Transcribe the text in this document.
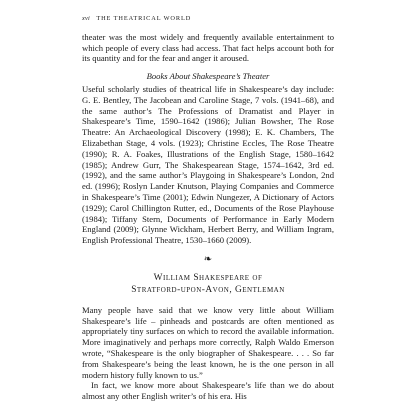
xvi THE THEATRICAL WORLD

theater was the most widely and frequently available entertainment to which people of every class had access. That fact helps account both for its quantity and for the fear and anger it aroused.

Books About Shakespeare’s Theater

Useful scholarly studies of theatrical life in Shakespeare’s day include: G. E. Bentley, The Jacobean and Caroline Stage, 7 vols. (1941–68), and the same author’s The Professions of Dramatist and Player in Shakespeare’s Time, 1590–1642 (1986); Julian Bowsher, The Rose Theatre: An Archaeological Discovery (1998); E. K. Chambers, The Elizabethan Stage, 4 vols. (1923); Christine Eccles, The Rose Theatre (1990); R. A. Foakes, Illustrations of the English Stage, 1580–1642 (1985); Andrew Gurr, The Shakespearean Stage, 1574–1642, 3rd ed. (1992), and the same author’s Playgoing in Shakespeare’s London, 2nd ed. (1996); Roslyn Lander Knutson, Playing Companies and Commerce in Shakespeare’s Time (2001); Edwin Nungezer, A Dictionary of Actors (1929); Carol Chillington Rutter, ed., Documents of the Rose Playhouse (1984); Tiffany Stern, Documents of Performance in Early Modern England (2009); Glynne Wickham, Herbert Berry, and William Ingram, English Professional Theatre, 1530–1660 (2009).

❧
William Shakespeare of
Stratford-upon-Avon, Gentleman

Many people have said that we know very little about William Shakespeare’s life – pinheads and postcards are often mentioned as appropriately tiny surfaces on which to record the available information. More imaginatively and perhaps more correctly, Ralph Waldo Emerson wrote, “Shakespeare is the only biographer of Shakespeare. . . . So far from Shakespeare’s being the least known, he is the one person in all modern history fully known to us.”

In fact, we know more about Shakespeare’s life than we do about almost any other English writer’s of his era. His
